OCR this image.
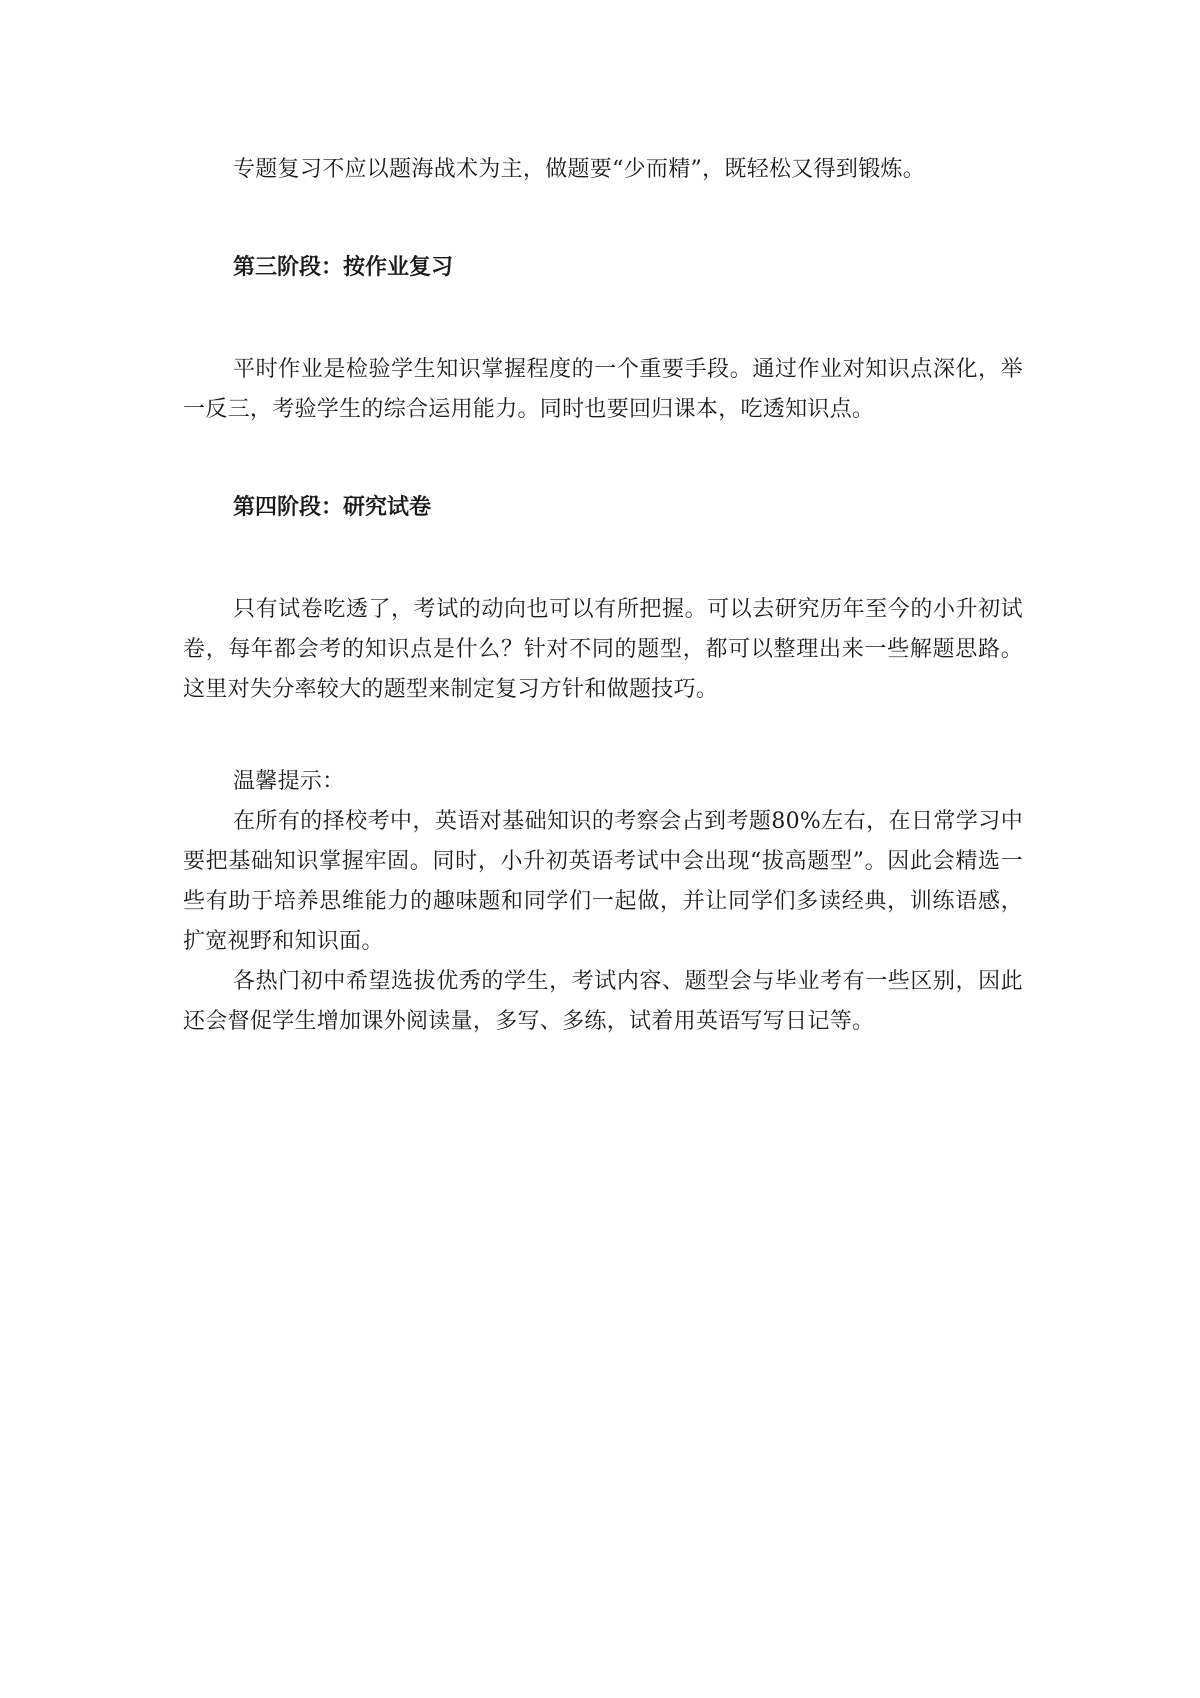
专题复习不应以题海战术为主，做题要“少而精”，既轻松又得到锻炼。

第三阶段：按作业复习

平时作业是检验学生知识掌握程度的一个重要手段。通过作业对知识点深化，举一反三，考验学生的综合运用能力。同时也要回归课本，吃透知识点。

第四阶段：研究试卷

只有试卷吃透了，考试的动向也可以有所把握。可以去研究历年至今的小升初试卷，每年都会考的知识点是什么？针对不同的题型，都可以整理出来一些解题思路。这里对失分率较大的题型来制定复习方针和做题技巧。

温馨提示：

在所有的择校考中，英语对基础知识的考察会占到考题80%左右，在日常学习中要把基础知识掌握牢固。同时，小升初英语考试中会出现“拔高题型”。因此会精选一些有助于培养思维能力的趣味题和同学们一起做，并让同学们多读经典，训练语感，扩宽视野和知识面。

各热门初中希望选拔优秀的学生，考试内容、题型会与毕业考有一些区别，因此还会督促学生增加课外阅读量，多写、多练，试着用英语写写日记等。
